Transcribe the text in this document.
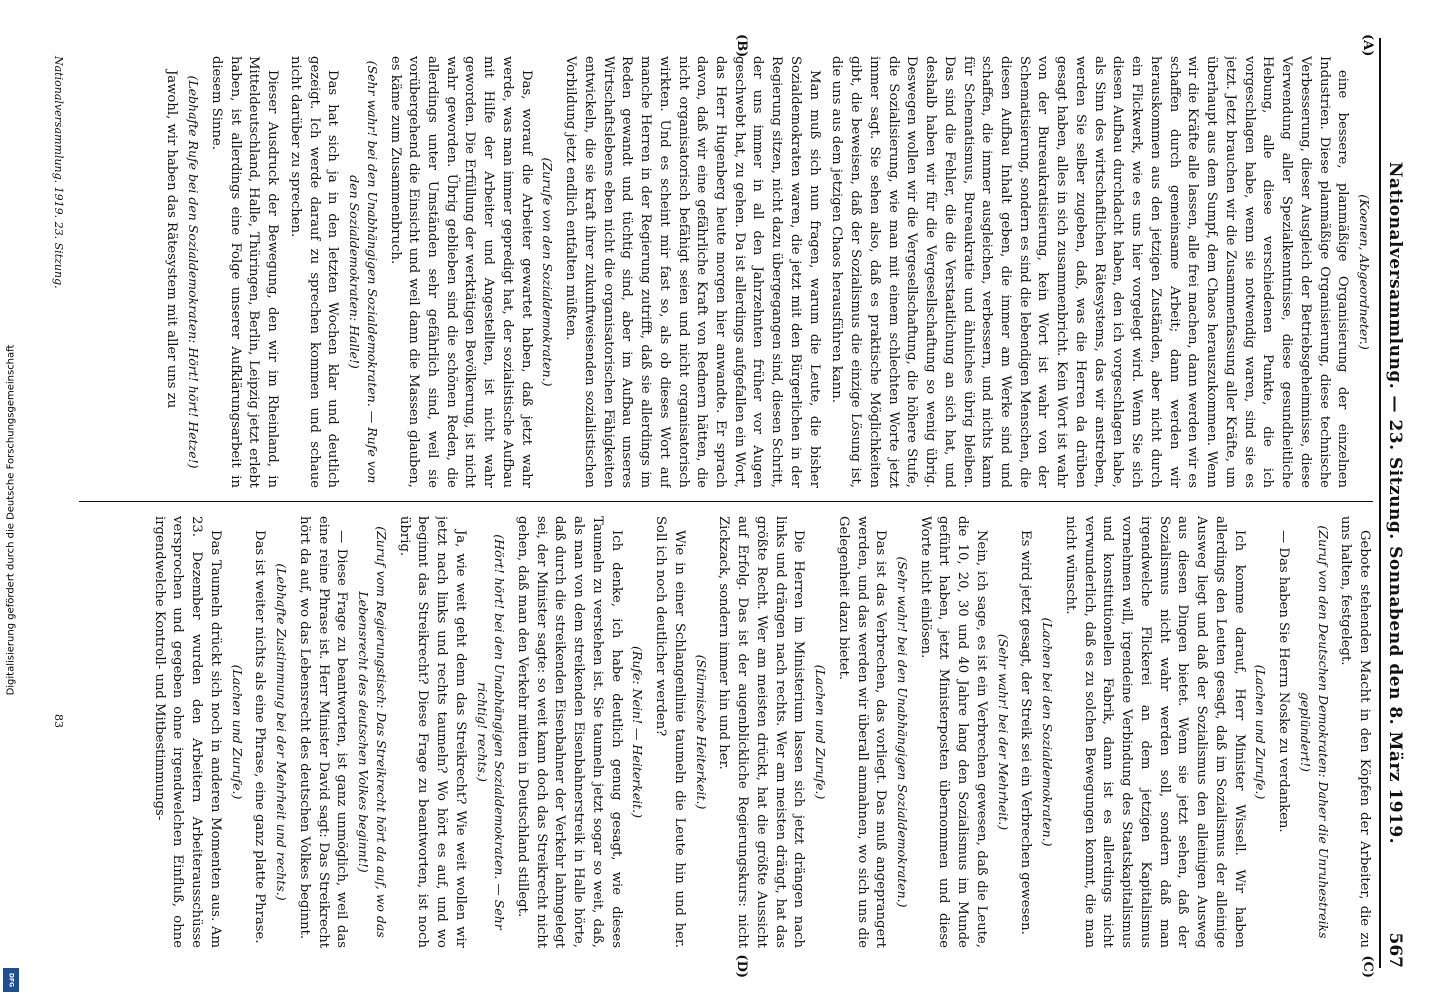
Digitalisierung gefördert durch die Deutsche Forschungsgemeinschaft
DFG
Nationalversammlung. — 23. Sitzung. Sonnabend den 8. März 1919.
567
(A)
(B)
(C)
(D)

(Koenen, Abgeordneter.)

eine bessere, planmäßige Organisierung der einzelnen Industrien. Diese planmäßige Organisierung, diese technische Verbesserung, dieser Ausgleich der Betriebsgeheimnisse, diese Verwendung aller Spezialkenntnisse, diese gesundheitliche Hebung, alle diese verschiedenen Punkte, die ich vorgeschlagen habe, wenn sie notwendig waren, sind sie es jetzt. Jetzt brauchen wir die Zusammenfassung aller Kräfte, um überhaupt aus dem Sumpf, dem Chaos herauszukommen. Wenn wir die Kräfte alle lassen, alle frei machen, dann werden wir es schaffen durch gemeinsame Arbeit; dann werden wir herauskommen aus den jetzigen Zuständen, aber nicht durch ein Flickwerk, wie es uns hier vorgelegt wird. Wenn Sie sich diesen Aufbau durchdacht haben, den ich vorgeschlagen habe, als Sinn des wirtschaftlichen Rätesystems, das wir anstreben, werden Sie selber zugeben, daß, was die Herren da drüben gesagt haben, alles in sich zusammenbricht. Kein Wort ist wahr von der Bureaukratisierung, kein Wort ist wahr von der Schematisierung, sondern es sind die lebendigen Menschen, die diesen Aufbau Inhalt geben, die immer am Werke sind und schaffen, die immer ausgleichen, verbessern, und nichts kann für Schematismus, Bureaukratie und ähnliches übrig bleiben. Das sind die Fehler, die die Verstaatlichung an sich hat, und deshalb haben wir für die Vergesellschaftung so wenig übrig. Deswegen wollen wir die Vergesellschaftung, die höhere Stufe, die Sozialisierung, wie man mit einem schlechten Worte jetzt immer sagt. Sie sehen also, daß es praktische Möglichkeiten gibt, die beweisen, daß der Sozialismus die einzige Lösung ist, die uns aus dem jetzigen Chaos herausführen kann.

Man muß sich nun fragen, warum die Leute, die bisher Sozialdemokraten waren, die jetzt mit den Bürgerlichen in der Regierung sitzen, nicht dazu übergegangen sind, diesen Schritt, der uns immer in all den Jahrzehnten früher vor Augen geschwebt hat, zu gehen. Da ist allerdings aufgefallen ein Wort, das Herr Hugenberg heute morgen hier anwandte. Er sprach davon, daß wir eine gefährliche Kraft von Rednern hätten, die nicht organisatorisch befähigt seien und nicht organisatorisch wirkten. Und es scheint mir fast so, als ob dieses Wort auf manche Herren in der Regierung zutrifft, daß sie allerdings im Reden gewandt und tüchtig sind, aber im Aufbau unseres Wirtschaftslebens eben nicht die organisatorischen Fähigkeiten entwickeln, die sie kraft ihrer zukunftweisenden sozialistischen Vorbildung jetzt endlich entfalten müßten.

(Zurufe von den Sozialdemokraten.)

Das, worauf die Arbeiter gewartet haben, daß jetzt wahr werde, was man immer gepredigt hat, der sozialistische Aufbau mit Hilfe der Arbeiter und Angestellten, ist nicht wahr geworden. Die Erfüllung der werktätigen Bevölkerung, ist nicht wahr geworden. Übrig geblieben sind die schönen Reden, die allerdings unter Umständen sehr gefährlich sind, weil sie vorübergehend die Einsicht und weil dann die Massen glauben, es käme zum Zusammenbruch.

(Sehr wahr! bei den Unabhängigen Sozialdemokraten. — Rufe von den Sozialdemokraten: Halle!)

Das hat sich ja in den letzten Wochen klar und deutlich gezeigt. Ich werde darauf zu sprechen kommen und schaue nicht darüber zu sprechen.

Dieser Ausdruck der Bewegung, den wir im Rheinland, in Mitteldeutschland, Halle, Thüringen, Berlin, Leipzig jetzt erlebt haben, ist allerdings eine Folge unserer Aufklärungsarbeit in diesem Sinne.

(Lebhafte Rufe bei den Sozialdemokraten: Hört! hört! Hetze!)

Jawohl, wir haben das Rätesystem mit aller uns zu

Gebote stehenden Macht in den Köpfen der Arbeiter, die zu uns halten, festgelegt.

(Zuruf von den Deutschen Demokraten: Daher die Unruhestreiks geplündert!)

— Das haben Sie Herrn Noske zu verdanken.

(Lachen und Zurufe.)

Ich komme darauf, Herr Minister Wissell. Wir haben allerdings den Leuten gesagt, daß im Sozialismus der alleinige Ausweg liegt und daß der Sozialismus den alleinigen Ausweg aus diesen Dingen bietet. Wenn sie jetzt sehen, daß der Sozialismus nicht wahr werden soll, sondern daß man irgendwelche Flickerei an dem jetzigen Kapitalismus vornehmen will, irgendeine Verbindung des Staatskapitalismus und konstitutionellen Fabrik, dann ist es allerdings nicht verwunderlich, daß es zu solchen Bewegungen kommt, die man nicht wünscht.

(Lachen bei den Sozialdemokraten.)

Es wird jetzt gesagt, der Streik sei ein Verbrechen gewesen.

(Sehr wahr! bei der Mehrheit.)

Nein, ich sage, es ist ein Verbrechen gewesen, daß die Leute, die 10, 20, 30 und 40 Jahre lang den Sozialismus im Munde geführt haben, jetzt Ministerposten übernommen und diese Worte nicht einlösen.

(Sehr wahr! bei den Unabhängigen Sozialdemokraten.)

Das ist das Verbrechen, das vorliegt. Das muß angeprangert werden, und das werden wir überall anmahnen, wo sich uns die Gelegenheit dazu bietet.

(Lachen und Zurufe.)

Die Herren im Ministerium lassen sich jetzt drängen nach links und drängen nach rechts. Wer am meisten drängt, hat das größte Recht. Wer am meisten drückt, hat die größte Aussicht auf Erfolg. Das ist der augenblickliche Regierungskurs: nicht Zickzack, sondern immer hin und her.

(Stürmische Heiterkeit.)

Wie in einer Schlangenlinie taumeln die Leute hin und her. Soll ich noch deutlicher werden?

(Rufe: Nein! — Heiterkeit.)

Ich denke, ich habe deutlich genug gesagt, wie dieses Taumeln zu verstehen ist. Sie taumeln jetzt sogar so weit, daß, als man von dem streikenden Eisenbahnerstreik in Halle hörte, daß durch die streikenden Eisenbahner der Verkehr lahmgelegt sei, der Minister sagte: so weit kann doch das Streikrecht nicht gehen, daß man den Verkehr mitten in Deutschland stillegt.

(Hört! hört! bei den Unabhängigen Sozialdemokraten. — Sehr richtig! rechts.)

Ja, wie weit geht denn das Streikrecht? Wie weit wollen wir jetzt nach links und rechts taumeln? Wo hört es auf, und wo beginnt das Streikrecht? Diese Frage zu beantworten, ist noch übrig.

(Zuruf vom Regierungstisch: Das Streikrecht hört da auf, wo das Lebensrecht des deutschen Volkes beginnt!)

— Diese Frage zu beantworten, ist ganz unmöglich, weil das eine reine Phrase ist. Herr Minister David sagt: Das Streikrecht hört da auf, wo das Lebensrecht des deutschen Volkes beginnt.

(Lebhafte Zustimmung bei der Mehrheit und rechts.)

Das ist weiter nichts als eine Phrase, eine ganz platte Phrase.

(Lachen und Zurufe.)

Das Taumeln drückt sich noch in anderen Momenten aus. Am 23. Dezember wurden den Arbeitern Arbeiterausschüsse versprochen und gegeben ohne irgendwelchen Einfluß, ohne irgendwelche Kontroll- und Mitbestimmungs-

Nationalversammlung. 1919. 23. Sitzung.
83
